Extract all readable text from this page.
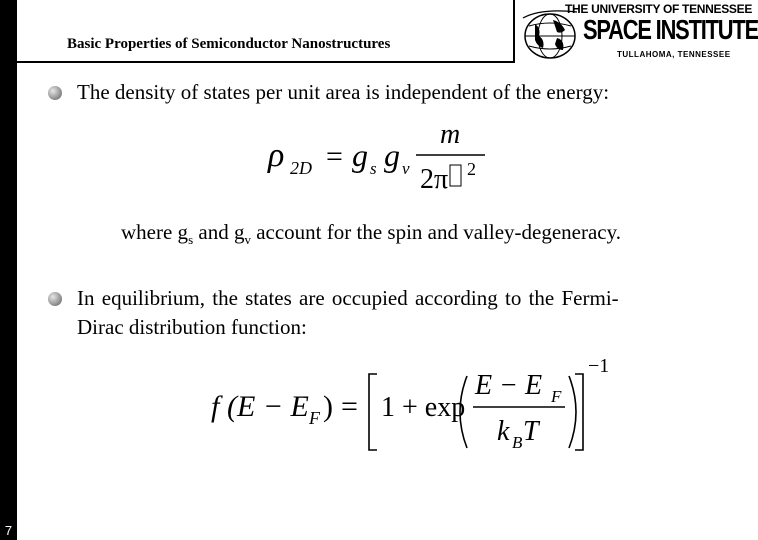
7
Basic Properties of Semiconductor Nanostructures
THE UNIVERSITY OF TENNESSEE
SPACE INSTITUTE
TULLAHOMA, TENNESSEE
The density of states per unit area is independent of the energy:
ρ 2D = g s g v
m
2π 2
where $g_s$ and $g_v$ account for the spin and valley-degeneracy.
In equilibrium, the states are occupied according to the Fermi-
Dirac distribution function:
f (E − E F ) = 1 + exp
E − E F
k B T
−1
